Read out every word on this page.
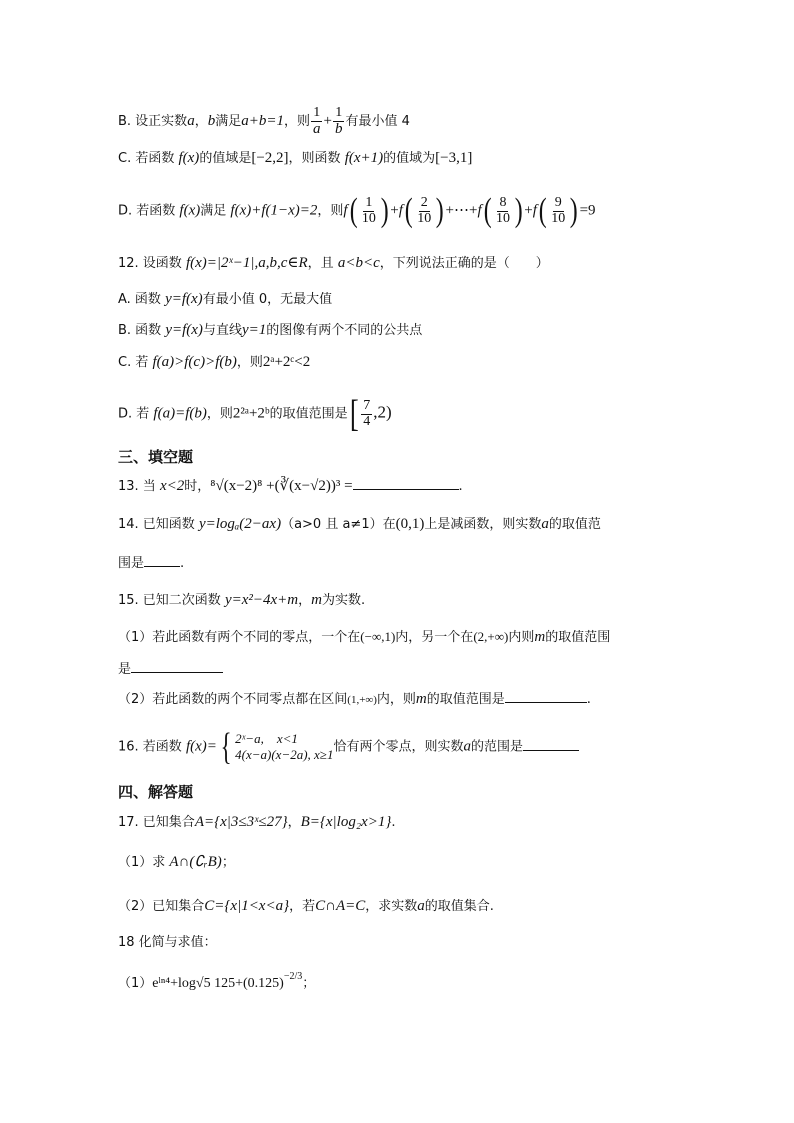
B. 设正实数a，b满足a+b=1，则 $\frac{1}{a} + \frac{1}{b}$ 有最小值 4
C. 若函数 f(x)的值域是[−2,2]，则函数 f(x+1)的值域为[−3,1]
D. 若函数 f(x)满足 f(x)+f(1−x)=2，则$f( \frac{1}{10}$ ) $+f( \frac{2}{10}$ ) +⋯+f( $\frac{8}{10}$ ) $+f( \frac{9}{10}$ ) =9
12. 设函数 f(x)=|2ˣ−1|,a,b,c∈R，且 a<b<c，下列说法正确的是（　　）
A. 函数 y=f(x)有最小值 0，无最大值
B. 函数 y=f(x)与直线y=1的图像有两个不同的公共点
C. 若 f(a)>f(c)>f(b)，则2ᵃ+2ᶜ<2
D. 若 f(a)=f(b)，则2²ᵃ+2ᵇ的取值范围是[ $\frac{7}{4} ,2$)
三、填空题
13. 当 x<2时，⁸√(x−2)⁸ +(∛(x−√2))³ =	.
14. 已知函数 y=logₐ(2−ax)（a>0 且 a≠1）在(0,1)上是减函数，则实数a的取值范
围是	.
15. 已知二次函数 y=x²−4x+m，m为实数.
（1）若此函数有两个不同的零点，一个在(−∞,1)内，另一个在(2,+∞)内则m的取值范围
是
（2）若此函数的两个不同零点都在区间(1,+∞)内，则m的取值范围是	.
16. 若函数 f(x)={ 2ˣ−a,　x<1
4(x−a)(x−2a), x≥1 恰有两个零点，则实数a的范围是
四、解答题
17. 已知集合A={x|3≤3ˣ≤27}，B={x|log₂x>1}.
（1）求 A∩(∁ᵣB)；
（2）已知集合C={x|1<x<a}，若C∩A=C，求实数a的取值集合.
18 化简与求值：
（1）eˡⁿ⁴+log√5 $125+(0.125)^{-2/3}$；
